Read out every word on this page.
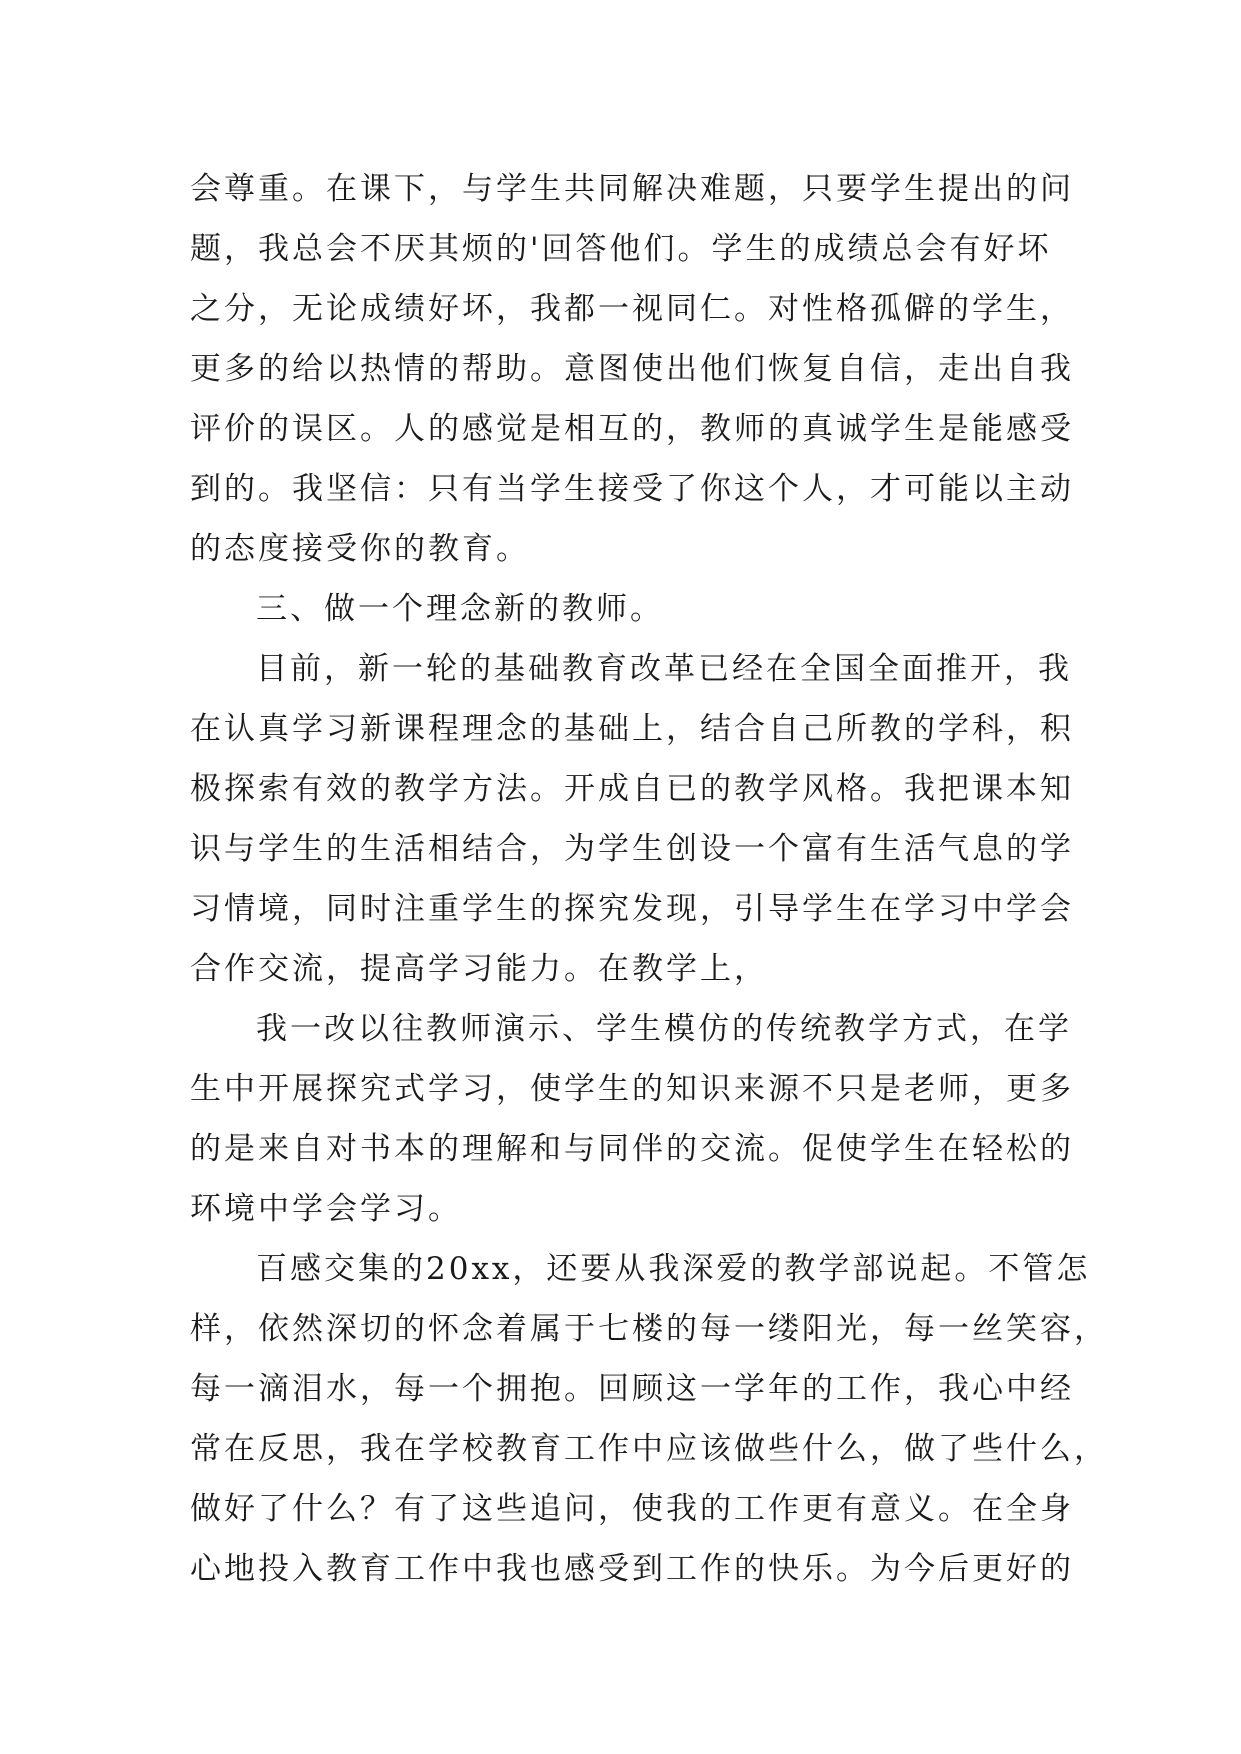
会尊重。在课下，与学生共同解决难题，只要学生提出的问
题，我总会不厌其烦的'回答他们。学生的成绩总会有好坏
之分，无论成绩好坏，我都一视同仁。对性格孤僻的学生，
更多的给以热情的帮助。意图使出他们恢复自信，走出自我
评价的误区。人的感觉是相互的，教师的真诚学生是能感受
到的。我坚信：只有当学生接受了你这个人，才可能以主动
的态度接受你的教育。
三、做一个理念新的教师。
目前，新一轮的基础教育改革已经在全国全面推开，我
在认真学习新课程理念的基础上，结合自己所教的学科，积
极探索有效的教学方法。开成自已的教学风格。我把课本知
识与学生的生活相结合，为学生创设一个富有生活气息的学
习情境，同时注重学生的探究发现，引导学生在学习中学会
合作交流，提高学习能力。在教学上，
我一改以往教师演示、学生模仿的传统教学方式，在学
生中开展探究式学习，使学生的知识来源不只是老师，更多
的是来自对书本的理解和与同伴的交流。促使学生在轻松的
环境中学会学习。
百感交集的20xx，还要从我深爱的教学部说起。不管怎
样，依然深切的怀念着属于七楼的每一缕阳光，每一丝笑容，
每一滴泪水，每一个拥抱。回顾这一学年的工作，我心中经
常在反思，我在学校教育工作中应该做些什么，做了些什么，
做好了什么？有了这些追问，使我的工作更有意义。在全身
心地投入教育工作中我也感受到工作的快乐。为今后更好的
